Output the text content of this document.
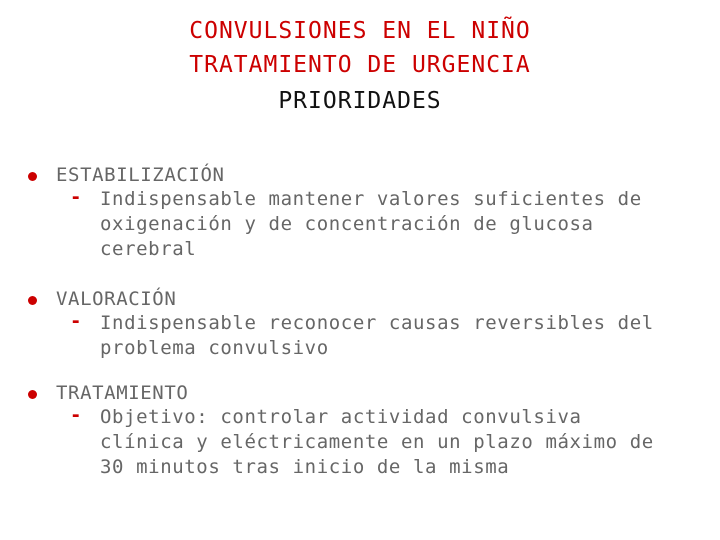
CONVULSIONES EN EL NIÑO
TRATAMIENTO DE URGENCIA
PRIORIDADES
ESTABILIZACIÓN
- Indispensable mantener valores suficientes de
oxigenación y de concentración de glucosa
cerebral
VALORACIÓN
- Indispensable reconocer causas reversibles del
problema convulsivo
TRATAMIENTO
- Objetivo: controlar actividad convulsiva
clínica y eléctricamente en un plazo máximo de
30 minutos tras inicio de la misma
